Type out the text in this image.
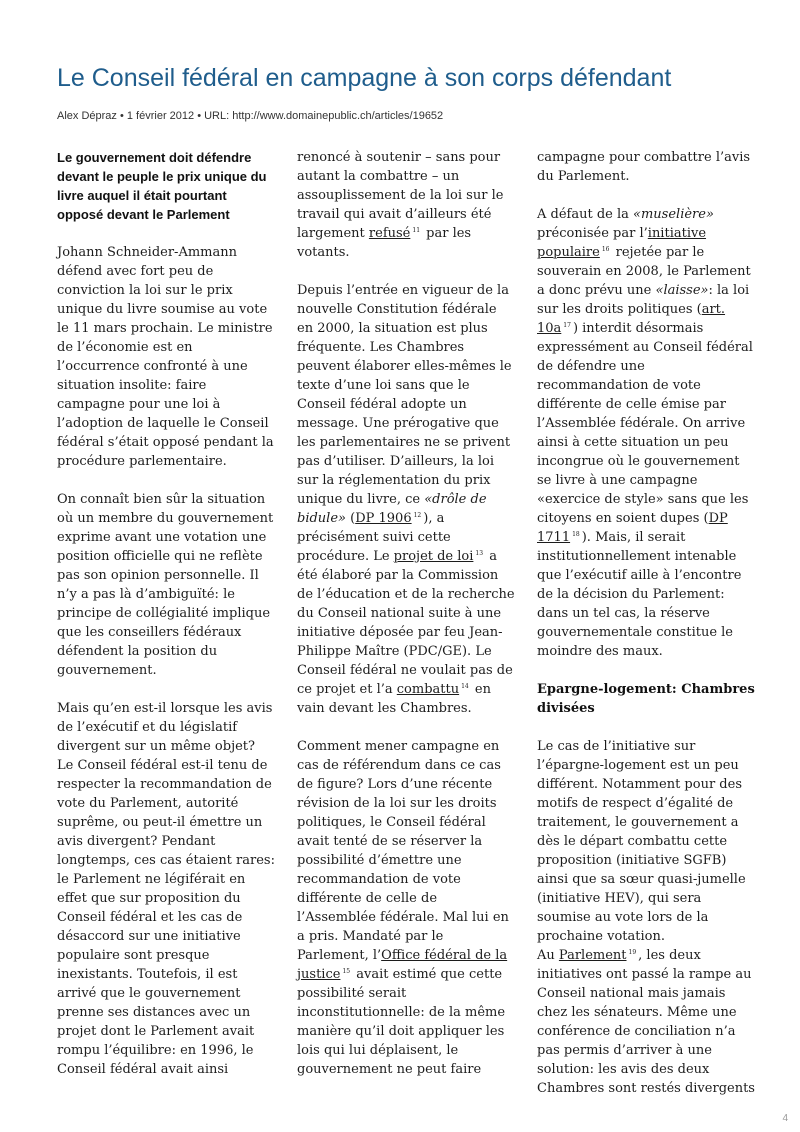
Le Conseil fédéral en campagne à son corps défendant
Alex Dépraz • 1 février 2012 • URL: http://www.domainepublic.ch/articles/19652

Le gouvernement doit défendre devant le peuple le prix unique du livre auquel il était pourtant opposé devant le Parlement

Johann Schneider-Ammann défend avec fort peu de conviction la loi sur le prix unique du livre soumise au vote le 11 mars prochain. Le ministre de l’économie est en l’occurrence confronté à une situation insolite: faire campagne pour une loi à l’adoption de laquelle le Conseil fédéral s’était opposé pendant la procédure parlementaire.

On connaît bien sûr la situation où un membre du gouvernement exprime avant une votation une position officielle qui ne reflète pas son opinion personnelle. Il n’y a pas là d’ambiguïté: le principe de collégialité implique que les conseillers fédéraux défendent la position du gouvernement.

Mais qu’en est-il lorsque les avis de l’exécutif et du législatif divergent sur un même objet? Le Conseil fédéral est-il tenu de respecter la recommandation de vote du Parlement, autorité suprême, ou peut-il émettre un avis divergent? Pendant longtemps, ces cas étaient rares: le Parlement ne légiférait en effet que sur proposition du Conseil fédéral et les cas de désaccord sur une initiative populaire sont presque inexistants. Toutefois, il est arrivé que le gouvernement prenne ses distances avec un projet dont le Parlement avait rompu l’équilibre: en 1996, le Conseil fédéral avait ainsi

renoncé à soutenir – sans pour autant la combattre – un assouplissement de la loi sur le travail qui avait d’ailleurs été largement refusé $^{11}$ par les votants.

Depuis l’entrée en vigueur de la nouvelle Constitution fédérale en 2000, la situation est plus fréquente. Les Chambres peuvent élaborer elles-mêmes le texte d’une loi sans que le Conseil fédéral adopte un message. Une prérogative que les parlementaires ne se privent pas d’utiliser. D’ailleurs, la loi sur la réglementation du prix unique du livre, ce «drôle de bidule» (DP 1906 $^{12}$ ), a précisément suivi cette procédure. Le projet de loi $^{13}$ a été élaboré par la Commission de l’éducation et de la recherche du Conseil national suite à une initiative déposée par feu Jean-Philippe Maître (PDC/GE). Le Conseil fédéral ne voulait pas de ce projet et l’a combattu $^{14}$ en vain devant les Chambres.

Comment mener campagne en cas de référendum dans ce cas de figure? Lors d’une récente révision de la loi sur les droits politiques, le Conseil fédéral avait tenté de se réserver la possibilité d’émettre une recommandation de vote différente de celle de l’Assemblée fédérale. Mal lui en a pris. Mandaté par le Parlement, l’Office fédéral de la justice $^{15}$ avait estimé que cette possibilité serait inconstitutionnelle: de la même manière qu’il doit appliquer les lois qui lui déplaisent, le gouvernement ne peut faire

campagne pour combattre l’avis du Parlement.

A défaut de la «muselière» préconisée par l’initiative populaire $^{16}$ rejetée par le souverain en 2008, le Parlement a donc prévu une «laisse»: la loi sur les droits politiques (art. 10a $^{17}$ ) interdit désormais expressément au Conseil fédéral de défendre une recommandation de vote différente de celle émise par l’Assemblée fédérale. On arrive ainsi à cette situation un peu incongrue où le gouvernement se livre à une campagne «exercice de style» sans que les citoyens en soient dupes (DP 1711 $^{18}$ ). Mais, il serait institutionnellement intenable que l’exécutif aille à l’encontre de la décision du Parlement: dans un tel cas, la réserve gouvernementale constitue le moindre des maux.

Epargne-logement: Chambres divisées

Le cas de l’initiative sur l’épargne-logement est un peu différent. Notamment pour des motifs de respect d’égalité de traitement, le gouvernement a dès le départ combattu cette proposition (initiative SGFB) ainsi que sa sœur quasi-jumelle (initiative HEV), qui sera soumise au vote lors de la prochaine votation.
Au Parlement $^{19}$ , les deux initiatives ont passé la rampe au Conseil national mais jamais chez les sénateurs. Même une conférence de conciliation n’a pas permis d’arriver à une solution: les avis des deux Chambres sont restés divergents

4
